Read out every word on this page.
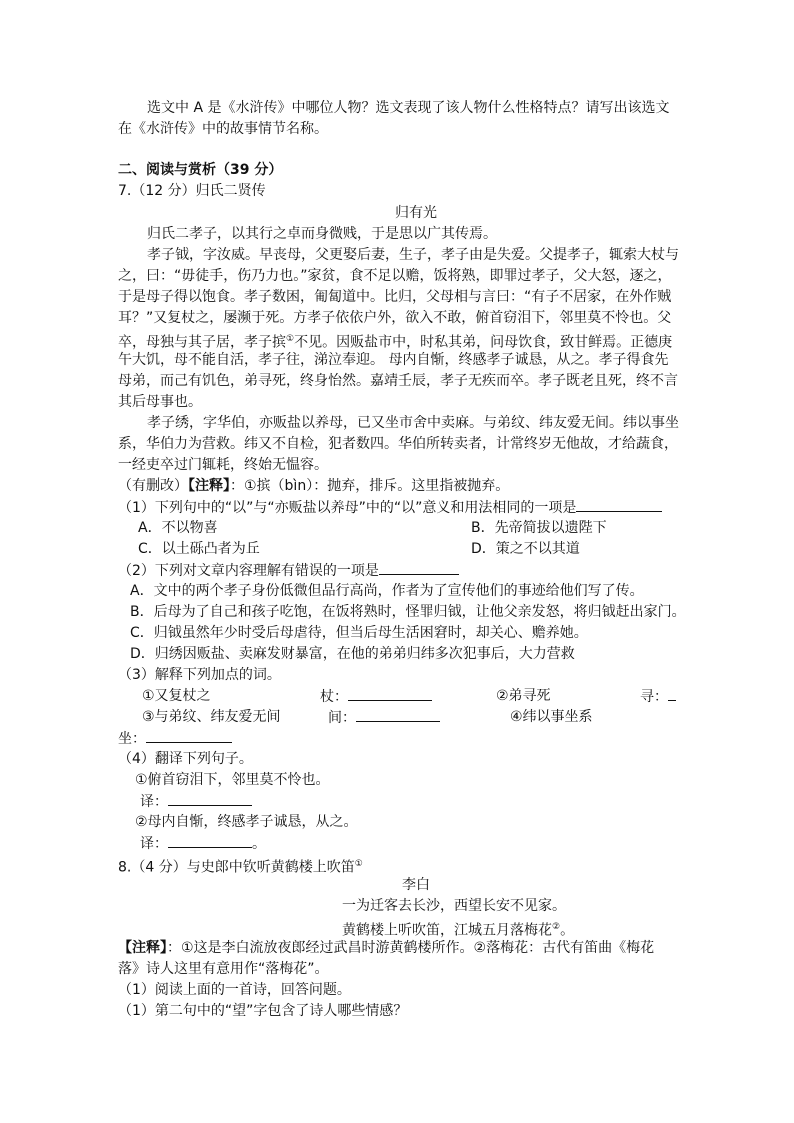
选文中 A 是《水浒传》中哪位人物？选文表现了该人物什么性格特点？请写出该选文
在《水浒传》中的故事情节名称。
二、阅读与赏析（39 分）
7.（12 分）归氏二贤传
归有光
归氏二孝子，以其行之卓而身微贱，于是思以广其传焉。
孝子钺，字汝威。早丧母，父更娶后妻，生子，孝子由是失爱。父提孝子，辄索大杖与
之，曰：“毋徒手，伤乃力也。”家贫，食不足以赡，饭将熟，即罪过孝子，父大怒，逐之，
于是母子得以饱食。孝子数困，匍匐道中。比归，父母相与言曰：“有子不居家，在外作贼
耳？”又复杖之，屡濒于死。方孝子依依户外，欲入不敢，俯首窃泪下，邻里莫不怜也。父
卒，母独与其子居，孝子摈①不见。因贩盐市中，时私其弟，问母饮食，致甘鲜焉。正德庚
午大饥，母不能自活，孝子往，涕泣奉迎。 母内自惭，终感孝子诚恳，从之。孝子得食先
母弟，而己有饥色，弟寻死，终身怡然。嘉靖壬辰，孝子无疾而卒。孝子既老且死，终不言
其后母事也。
孝子绣，字华伯，亦贩盐以养母，已又坐市舍中卖麻。与弟纹、纬友爱无间。纬以事坐
系，华伯力为营救。纬又不自检，犯者数四。华伯所转卖者，计常终岁无他故，才给蔬食，
一经吏卒过门辄耗，终始无愠容。
（有删改）【注释】：①摈（bìn）：抛弃，排斥。这里指被抛弃。
（1）下列句中的“以”与“亦贩盐以养母”中的“以”意义和用法相同的一项是
A．不以物喜	B．先帝简拔以遗陛下
C．以土砾凸者为丘	D．策之不以其道
（2）下列对文章内容理解有错误的一项是
A．文中的两个孝子身份低微但品行高尚，作者为了宣传他们的事迹给他们写了传。
B．后母为了自己和孩子吃饱，在饭将熟时，怪罪归钺，让他父亲发怒，将归钺赶出家门。
C．归钺虽然年少时受后母虐待，但当后母生活困窘时，却关心、赡养她。
D．归绣因贩盐、卖麻发财暴富，在他的弟弟归纬多次犯事后，大力营救
（3）解释下列加点的词。
①又复杖之	杖：	②弟寻死	寻：
③与弟纹、纬友爱无间	间：	④纬以事坐系
坐：
（4）翻译下列句子。
①俯首窃泪下，邻里莫不怜也。
译：
②母内自惭，终感孝子诚恳，从之。
译：	。
8.（4 分）与史郎中钦听黄鹤楼上吹笛①
李白
一为迁客去长沙，西望长安不见家。
黄鹤楼上听吹笛，江城五月落梅花②。
【注释】：①这是李白流放夜郎经过武昌时游黄鹤楼所作。②落梅花：古代有笛曲《梅花
落》诗人这里有意用作“落梅花”。
（1）阅读上面的一首诗，回答问题。
（1）第二句中的“望”字包含了诗人哪些情感？
